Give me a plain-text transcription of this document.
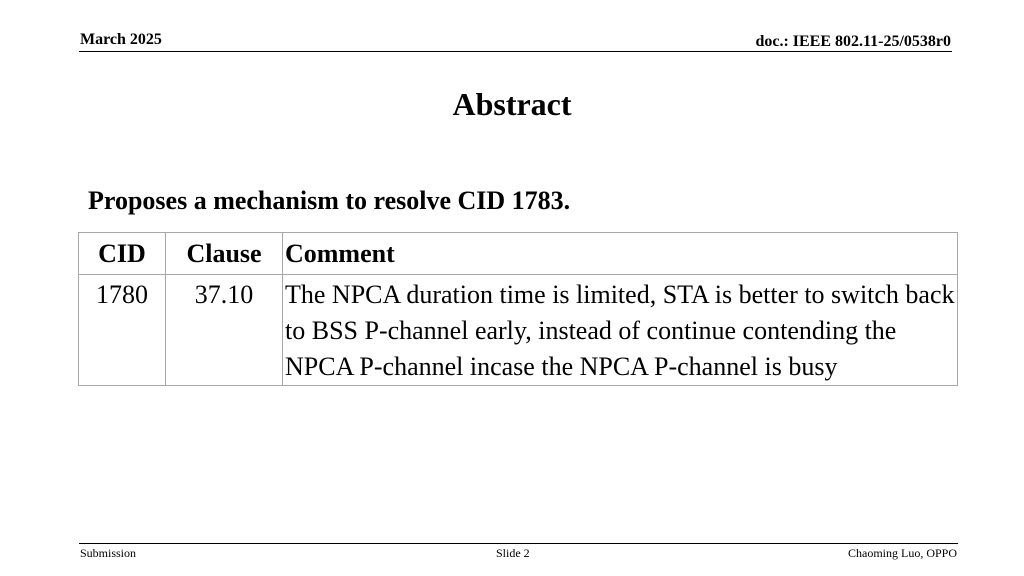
March 2025	doc.: IEEE 802.11-25/0538r0
Abstract
Proposes a mechanism to resolve CID 1783.
CID	Clause	Comment
1780	37.10	The NPCA duration time is limited, STA is better to switch back to BSS P-channel early, instead of continue contending the NPCA P-channel incase the NPCA P-channel is busy
Submission	Slide 2	Chaoming Luo, OPPO
